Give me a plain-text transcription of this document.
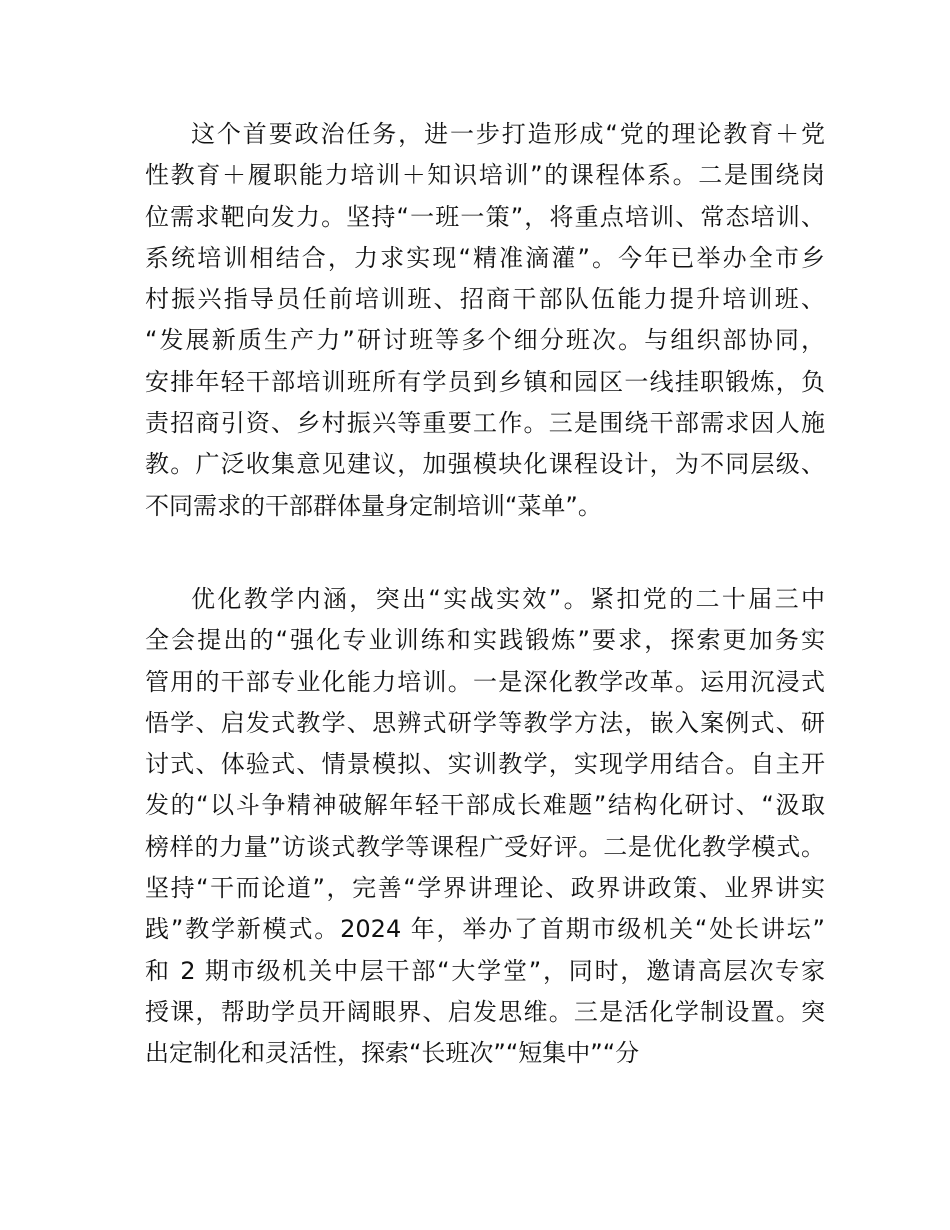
这个首要政治任务，进一步打造形成“党的理论教育＋党
性教育＋履职能力培训＋知识培训”的课程体系。二是围绕岗
位需求靶向发力。坚持“一班一策”，将重点培训、常态培训、
系统培训相结合，力求实现“精准滴灌”。今年已举办全市乡
村振兴指导员任前培训班、招商干部队伍能力提升培训班、
“发展新质生产力”研讨班等多个细分班次。与组织部协同，
安排年轻干部培训班所有学员到乡镇和园区一线挂职锻炼，负
责招商引资、乡村振兴等重要工作。三是围绕干部需求因人施
教。广泛收集意见建议，加强模块化课程设计，为不同层级、
不同需求的干部群体量身定制培训“菜单”。
优化教学内涵，突出“实战实效”。紧扣党的二十届三中
全会提出的“强化专业训练和实践锻炼”要求，探索更加务实
管用的干部专业化能力培训。一是深化教学改革。运用沉浸式
悟学、启发式教学、思辨式研学等教学方法，嵌入案例式、研
讨式、体验式、情景模拟、实训教学，实现学用结合。自主开
发的“以斗争精神破解年轻干部成长难题”结构化研讨、“汲取
榜样的力量”访谈式教学等课程广受好评。二是优化教学模式。
坚持“干而论道”，完善“学界讲理论、政界讲政策、业界讲实
践”教学新模式。2024 年，举办了首期市级机关“处长讲坛”
和 2 期市级机关中层干部“大学堂”，同时，邀请高层次专家
授课，帮助学员开阔眼界、启发思维。三是活化学制设置。突
出定制化和灵活性，探索“长班次”“短集中”“分
